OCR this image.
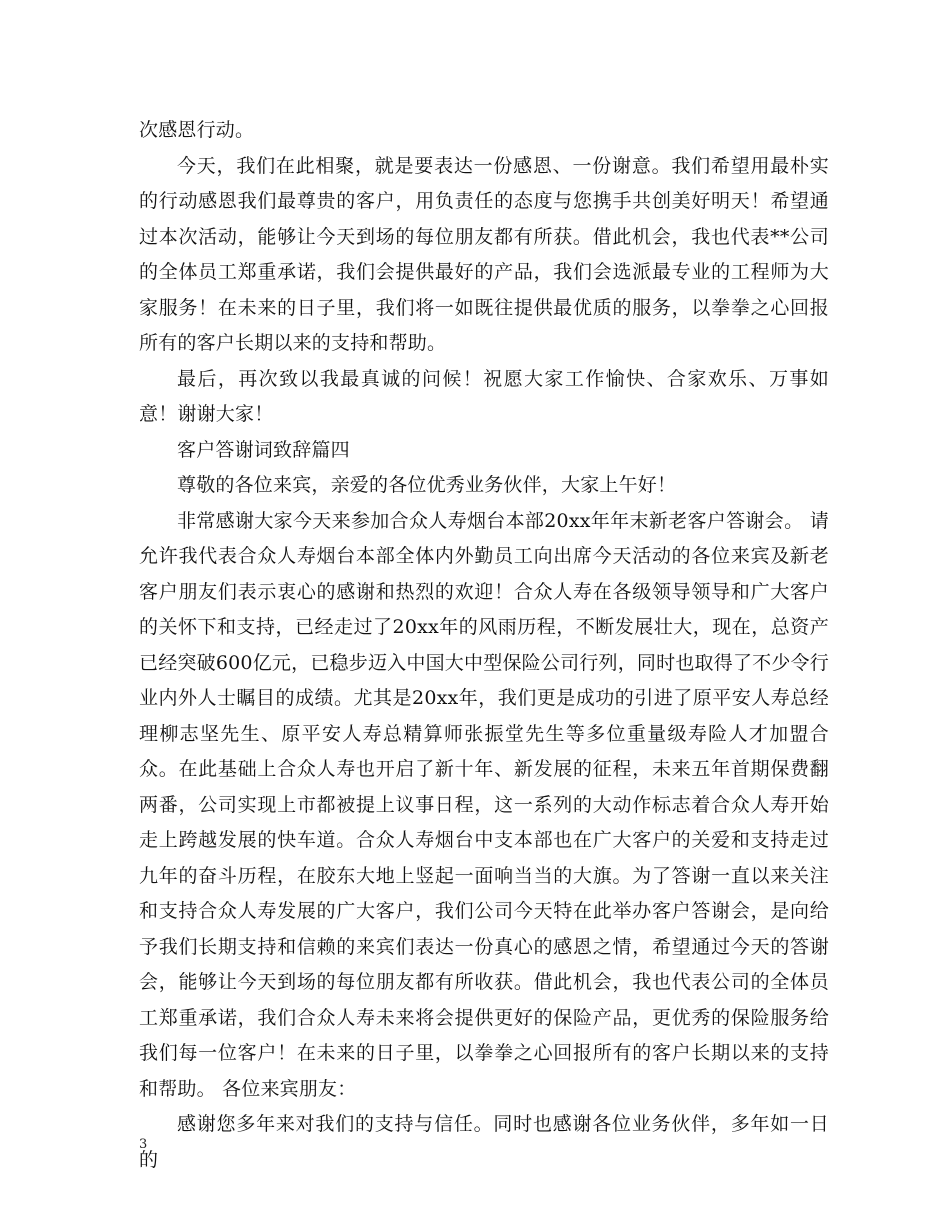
次感恩行动。

今天，我们在此相聚，就是要表达一份感恩、一份谢意。我们希望用最朴实的行动感恩我们最尊贵的客户，用负责任的态度与您携手共创美好明天！希望通过本次活动，能够让今天到场的每位朋友都有所获。借此机会，我也代表**公司的全体员工郑重承诺，我们会提供最好的产品，我们会选派最专业的工程师为大家服务！在未来的日子里，我们将一如既往提供最优质的服务，以拳拳之心回报所有的客户长期以来的支持和帮助。

最后，再次致以我最真诚的问候！祝愿大家工作愉快、合家欢乐、万事如意！谢谢大家！

客户答谢词致辞篇四

尊敬的各位来宾，亲爱的各位优秀业务伙伴，大家上午好！

非常感谢大家今天来参加合众人寿烟台本部20xx年年末新老客户答谢会。 请允许我代表合众人寿烟台本部全体内外勤员工向出席今天活动的各位来宾及新老客户朋友们表示衷心的感谢和热烈的欢迎！合众人寿在各级领导领导和广大客户的关怀下和支持，已经走过了20xx年的风雨历程，不断发展壮大，现在，总资产已经突破600亿元，已稳步迈入中国大中型保险公司行列，同时也取得了不少令行业内外人士瞩目的成绩。尤其是20xx年，我们更是成功的引进了原平安人寿总经理柳志坚先生、原平安人寿总精算师张振堂先生等多位重量级寿险人才加盟合众。在此基础上合众人寿也开启了新十年、新发展的征程，未来五年首期保费翻两番，公司实现上市都被提上议事日程，这一系列的大动作标志着合众人寿开始走上跨越发展的快车道。合众人寿烟台中支本部也在广大客户的关爱和支持走过九年的奋斗历程，在胶东大地上竖起一面响当当的大旗。为了答谢一直以来关注和支持合众人寿发展的广大客户，我们公司今天特在此举办客户答谢会，是向给予我们长期支持和信赖的来宾们表达一份真心的感恩之情，希望通过今天的答谢会，能够让今天到场的每位朋友都有所收获。借此机会，我也代表公司的全体员工郑重承诺，我们合众人寿未来将会提供更好的保险产品，更优秀的保险服务给我们每一位客户！在未来的日子里，以拳拳之心回报所有的客户长期以来的支持和帮助。 各位来宾朋友：

感谢您多年来对我们的支持与信任。同时也感谢各位业务伙伴，多年如一日的

3
